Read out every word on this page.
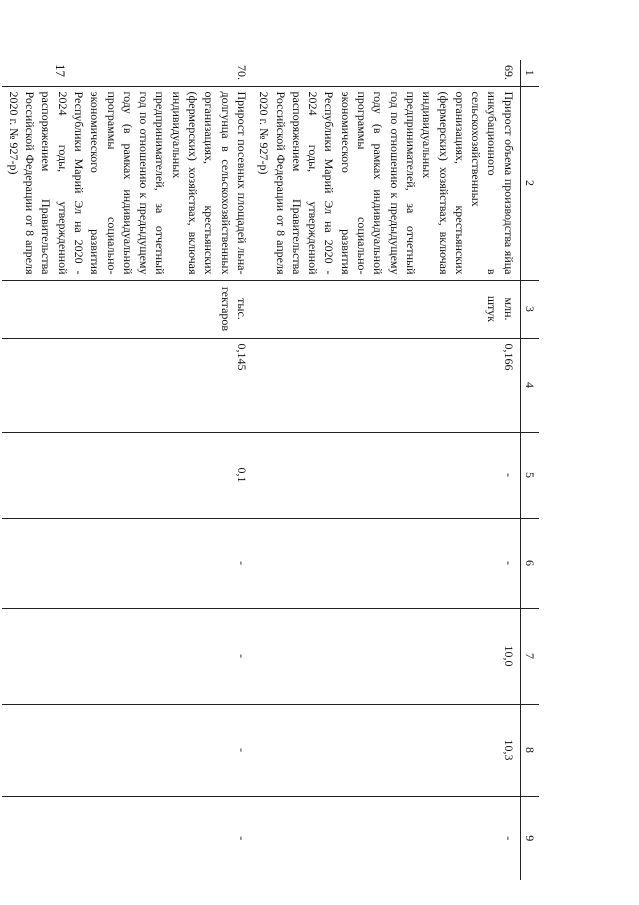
17	1	2	3	4	5	6	7	8	9
69.	Прирост объема производства яйца инкубационного в сельскохозяйственных организациях, крестьянских (фермерских) хозяйствах, включая индивидуальных предпринимателей, за отчетный год по отношению к предыдущему году (в рамках индивидуальной программы социально-экономического развития Республики Марий Эл на 2020 - 2024 годы, утвержденной распоряжением Правительства Российской Федерации от 8 апреля 2020 г. № 927-р)	млн. штук	0,166	-	-	10,0	10,3	-
70.	Прирост посевных площадей льна-долгунца в сельскохозяйственных организациях, крестьянских (фермерских) хозяйствах, включая индивидуальных предпринимателей, за отчетный год по отношению к предыдущему году (в рамках индивидуальной программы социально-экономического развития Республики Марий Эл на 2020 - 2024 годы, утвержденной распоряжением Правительства Российской Федерации от 8 апреля 2020 г. № 927-р)	тыс. гектаров	0,145	0,1	-	-	-	-
